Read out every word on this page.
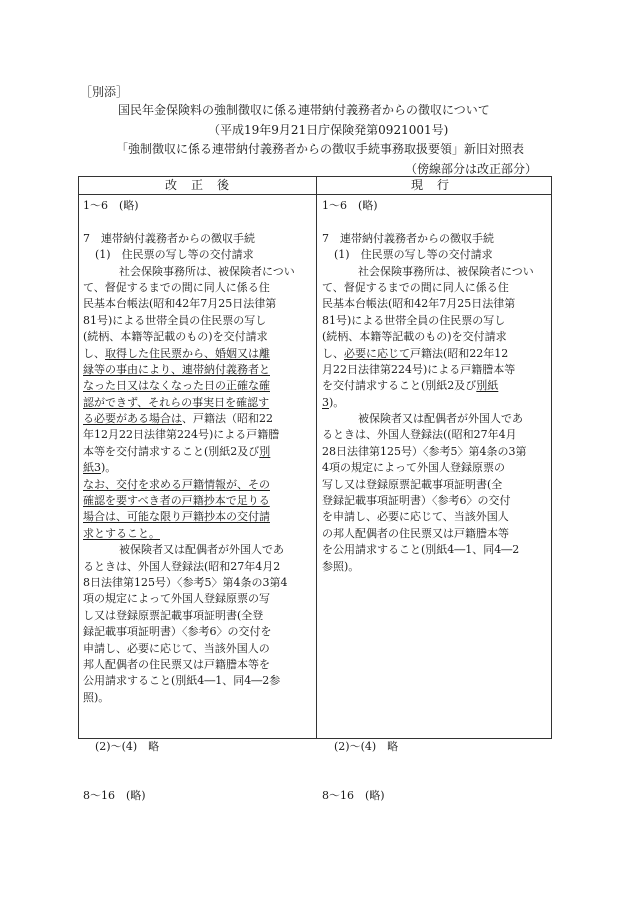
［別添］
国民年金保険料の強制徴収に係る連帯納付義務者からの徴収について
（平成19年9月21日庁保険発第0921001号)
「強制徴収に係る連帯納付義務者からの徴収手続事務取扱要領」新旧対照表
（傍線部分は改正部分）
改正後	現行
1～6　(略)
7　連帯納付義務者からの徴収手続
(1)　住民票の写し等の交付請求
社会保険事務所は、被保険者につい
て、督促するまでの間に同人に係る住
民基本台帳法(昭和42年7月25日法律第
81号)による世帯全員の住民票の写し
(続柄、本籍等記載のもの)を交付請求
し、取得した住民票から、婚姻又は離
縁等の事由により、連帯納付義務者と
なった日又はなくなった日の正確な確
認ができず、それらの事実日を確認す
る必要がある場合は、戸籍法（昭和22
年12月22日法律第224号)による戸籍謄
本等を交付請求すること(別紙2及び別
紙3)。
なお、交付を求める戸籍情報が、その
確認を要すべき者の戸籍抄本で足りる
場合は、可能な限り戸籍抄本の交付請
求とすること。
被保険者又は配偶者が外国人であ
るときは、外国人登録法(昭和27年4月2
8日法律第125号）〈参考5〉第4条の3第4
項の規定によって外国人登録原票の写
し又は登録原票記載事項証明書(全登
録記載事項証明書）〈参考6〉の交付を
申請し、必要に応じて、当該外国人の
邦人配偶者の住民票又は戸籍謄本等を
公用請求すること(別紙4―1、同4―2参
照)。
(2)～(4)　略
8～16　(略)
1～6　(略)
7　連帯納付義務者からの徴収手続
(1)　住民票の写し等の交付請求
社会保険事務所は、被保険者につい
て、督促するまでの間に同人に係る住
民基本台帳法(昭和42年7月25日法律第
81号)による世帯全員の住民票の写し
(続柄、本籍等記載のもの)を交付請求
し、必要に応じて戸籍法(昭和22年12
月22日法律第224号)による戸籍謄本等
を交付請求すること(別紙2及び別紙
3)。
被保険者又は配偶者が外国人であ
るときは、外国人登録法((昭和27年4月
28日法律第125号）〈参考5〉第4条の3第
4項の規定によって外国人登録原票の
写し又は登録原票記載事項証明書(全
登録記載事項証明書）〈参考6〉の交付
を申請し、必要に応じて、当該外国人
の邦人配偶者の住民票又は戸籍謄本等
を公用請求すること(別紙4―1、同4―2
参照)。
(2)～(4)　略
8～16　(略)
